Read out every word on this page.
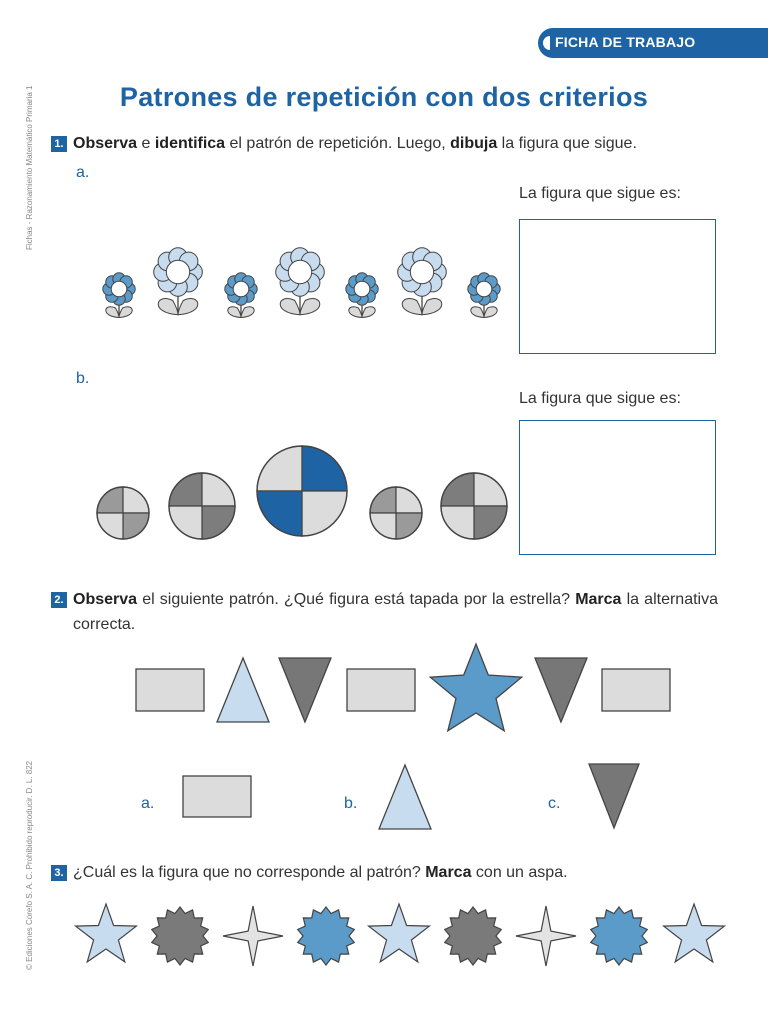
FICHA DE TRABAJO
Fichas - Razonamiento Matemático Primaria 1
© Ediciones Corefo S. A. C. Prohibido reproducir. D. L. 822
Patrones de repetición con dos criterios
1. Observa e identifica el patrón de repetición. Luego, dibuja la figura que sigue.
a.
La figura que sigue es:
b.
La figura que sigue es:
2. Observa el siguiente patrón. ¿Qué figura está tapada por la estrella? Marca la alternativa correcta.
a.	b.	c.
3. ¿Cuál es la figura que no corresponde al patrón? Marca con un aspa.
